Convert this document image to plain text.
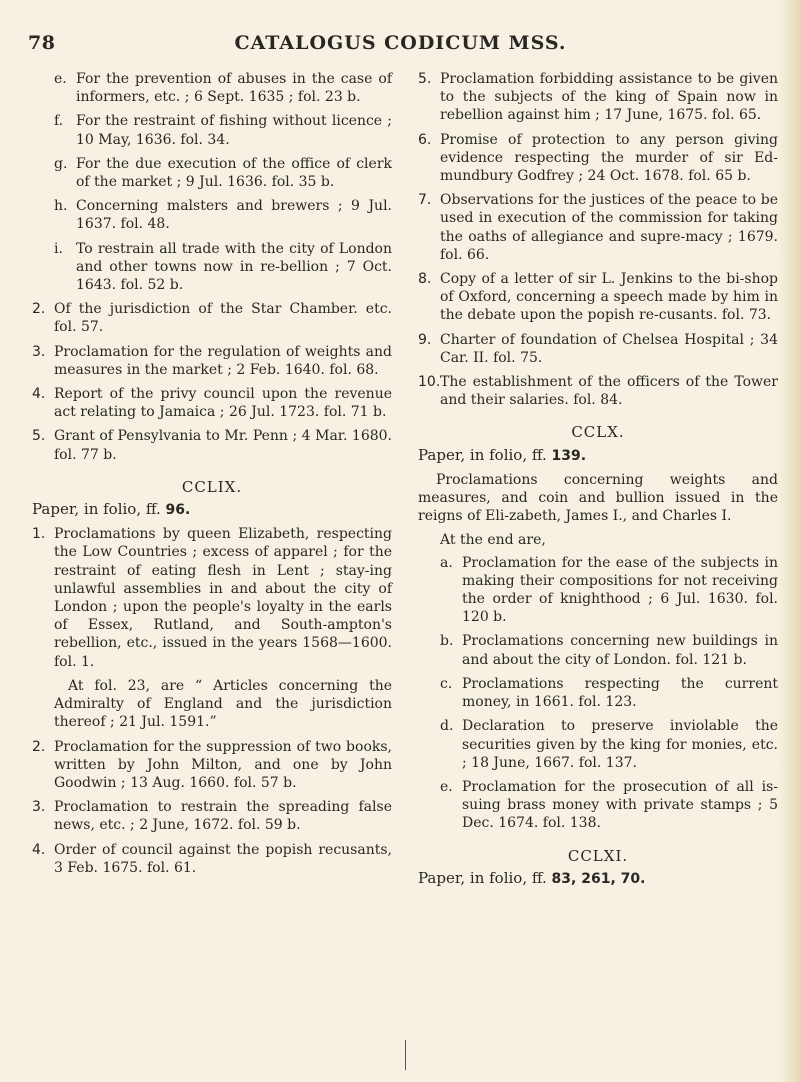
78	CATALOGUS CODICUM MSS.
e. For the prevention of abuses in the case of informers, etc. ; 6 Sept. 1635 ; fol. 23 b.
f. For the restraint of fishing without licence ; 10 May, 1636. fol. 34.
g. For the due execution of the office of clerk of the market ; 9 Jul. 1636. fol. 35 b.
h. Concerning malsters and brewers ; 9 Jul. 1637. fol. 48.
i. To restrain all trade with the city of London and other towns now in re-bellion ; 7 Oct. 1643. fol. 52 b.
2. Of the jurisdiction of the Star Chamber. etc. fol. 57.
3. Proclamation for the regulation of weights and measures in the market ; 2 Feb. 1640. fol. 68.
4. Report of the privy council upon the revenue act relating to Jamaica ; 26 Jul. 1723. fol. 71 b.
5. Grant of Pensylvania to Mr. Penn ; 4 Mar. 1680. fol. 77 b.
CCLIX.
Paper, in folio, ff. 96.
1. Proclamations by queen Elizabeth, respecting the Low Countries ; excess of apparel ; for the restraint of eating flesh in Lent ; stay-ing unlawful assemblies in and about the city of London ; upon the people's loyalty in the earls of Essex, Rutland, and South-ampton's rebellion, etc., issued in the years 1568—1600. fol. 1.
At fol. 23, are “ Articles concerning the Admiralty of England and the jurisdiction thereof ; 21 Jul. 1591.”
2. Proclamation for the suppression of two books, written by John Milton, and one by John Goodwin ; 13 Aug. 1660. fol. 57 b.
3. Proclamation to restrain the spreading false news, etc. ; 2 June, 1672. fol. 59 b.
4. Order of council against the popish recusants, 3 Feb. 1675. fol. 61.
5. Proclamation forbidding assistance to be given to the subjects of the king of Spain now in rebellion against him ; 17 June, 1675. fol. 65.
6. Promise of protection to any person giving evidence respecting the murder of sir Ed-mundbury Godfrey ; 24 Oct. 1678. fol. 65 b.
7. Observations for the justices of the peace to be used in execution of the commission for taking the oaths of allegiance and supre-macy ; 1679. fol. 66.
8. Copy of a letter of sir L. Jenkins to the bi-shop of Oxford, concerning a speech made by him in the debate upon the popish re-cusants. fol. 73.
9. Charter of foundation of Chelsea Hospital ; 34 Car. II. fol. 75.
10. The establishment of the officers of the Tower and their salaries. fol. 84.
CCLX.
Paper, in folio, ff. 139.
Proclamations concerning weights and measures, and coin and bullion issued in the reigns of Eli-zabeth, James I., and Charles I.
At the end are,
a. Proclamation for the ease of the subjects in making their compositions for not receiving the order of knighthood ; 6 Jul. 1630. fol. 120 b.
b. Proclamations concerning new buildings in and about the city of London. fol. 121 b.
c. Proclamations respecting the current money, in 1661. fol. 123.
d. Declaration to preserve inviolable the securities given by the king for monies, etc. ; 18 June, 1667. fol. 137.
e. Proclamation for the prosecution of all is-suing brass money with private stamps ; 5 Dec. 1674. fol. 138.
CCLXI.
Paper, in folio, ff. 83, 261, 70.
